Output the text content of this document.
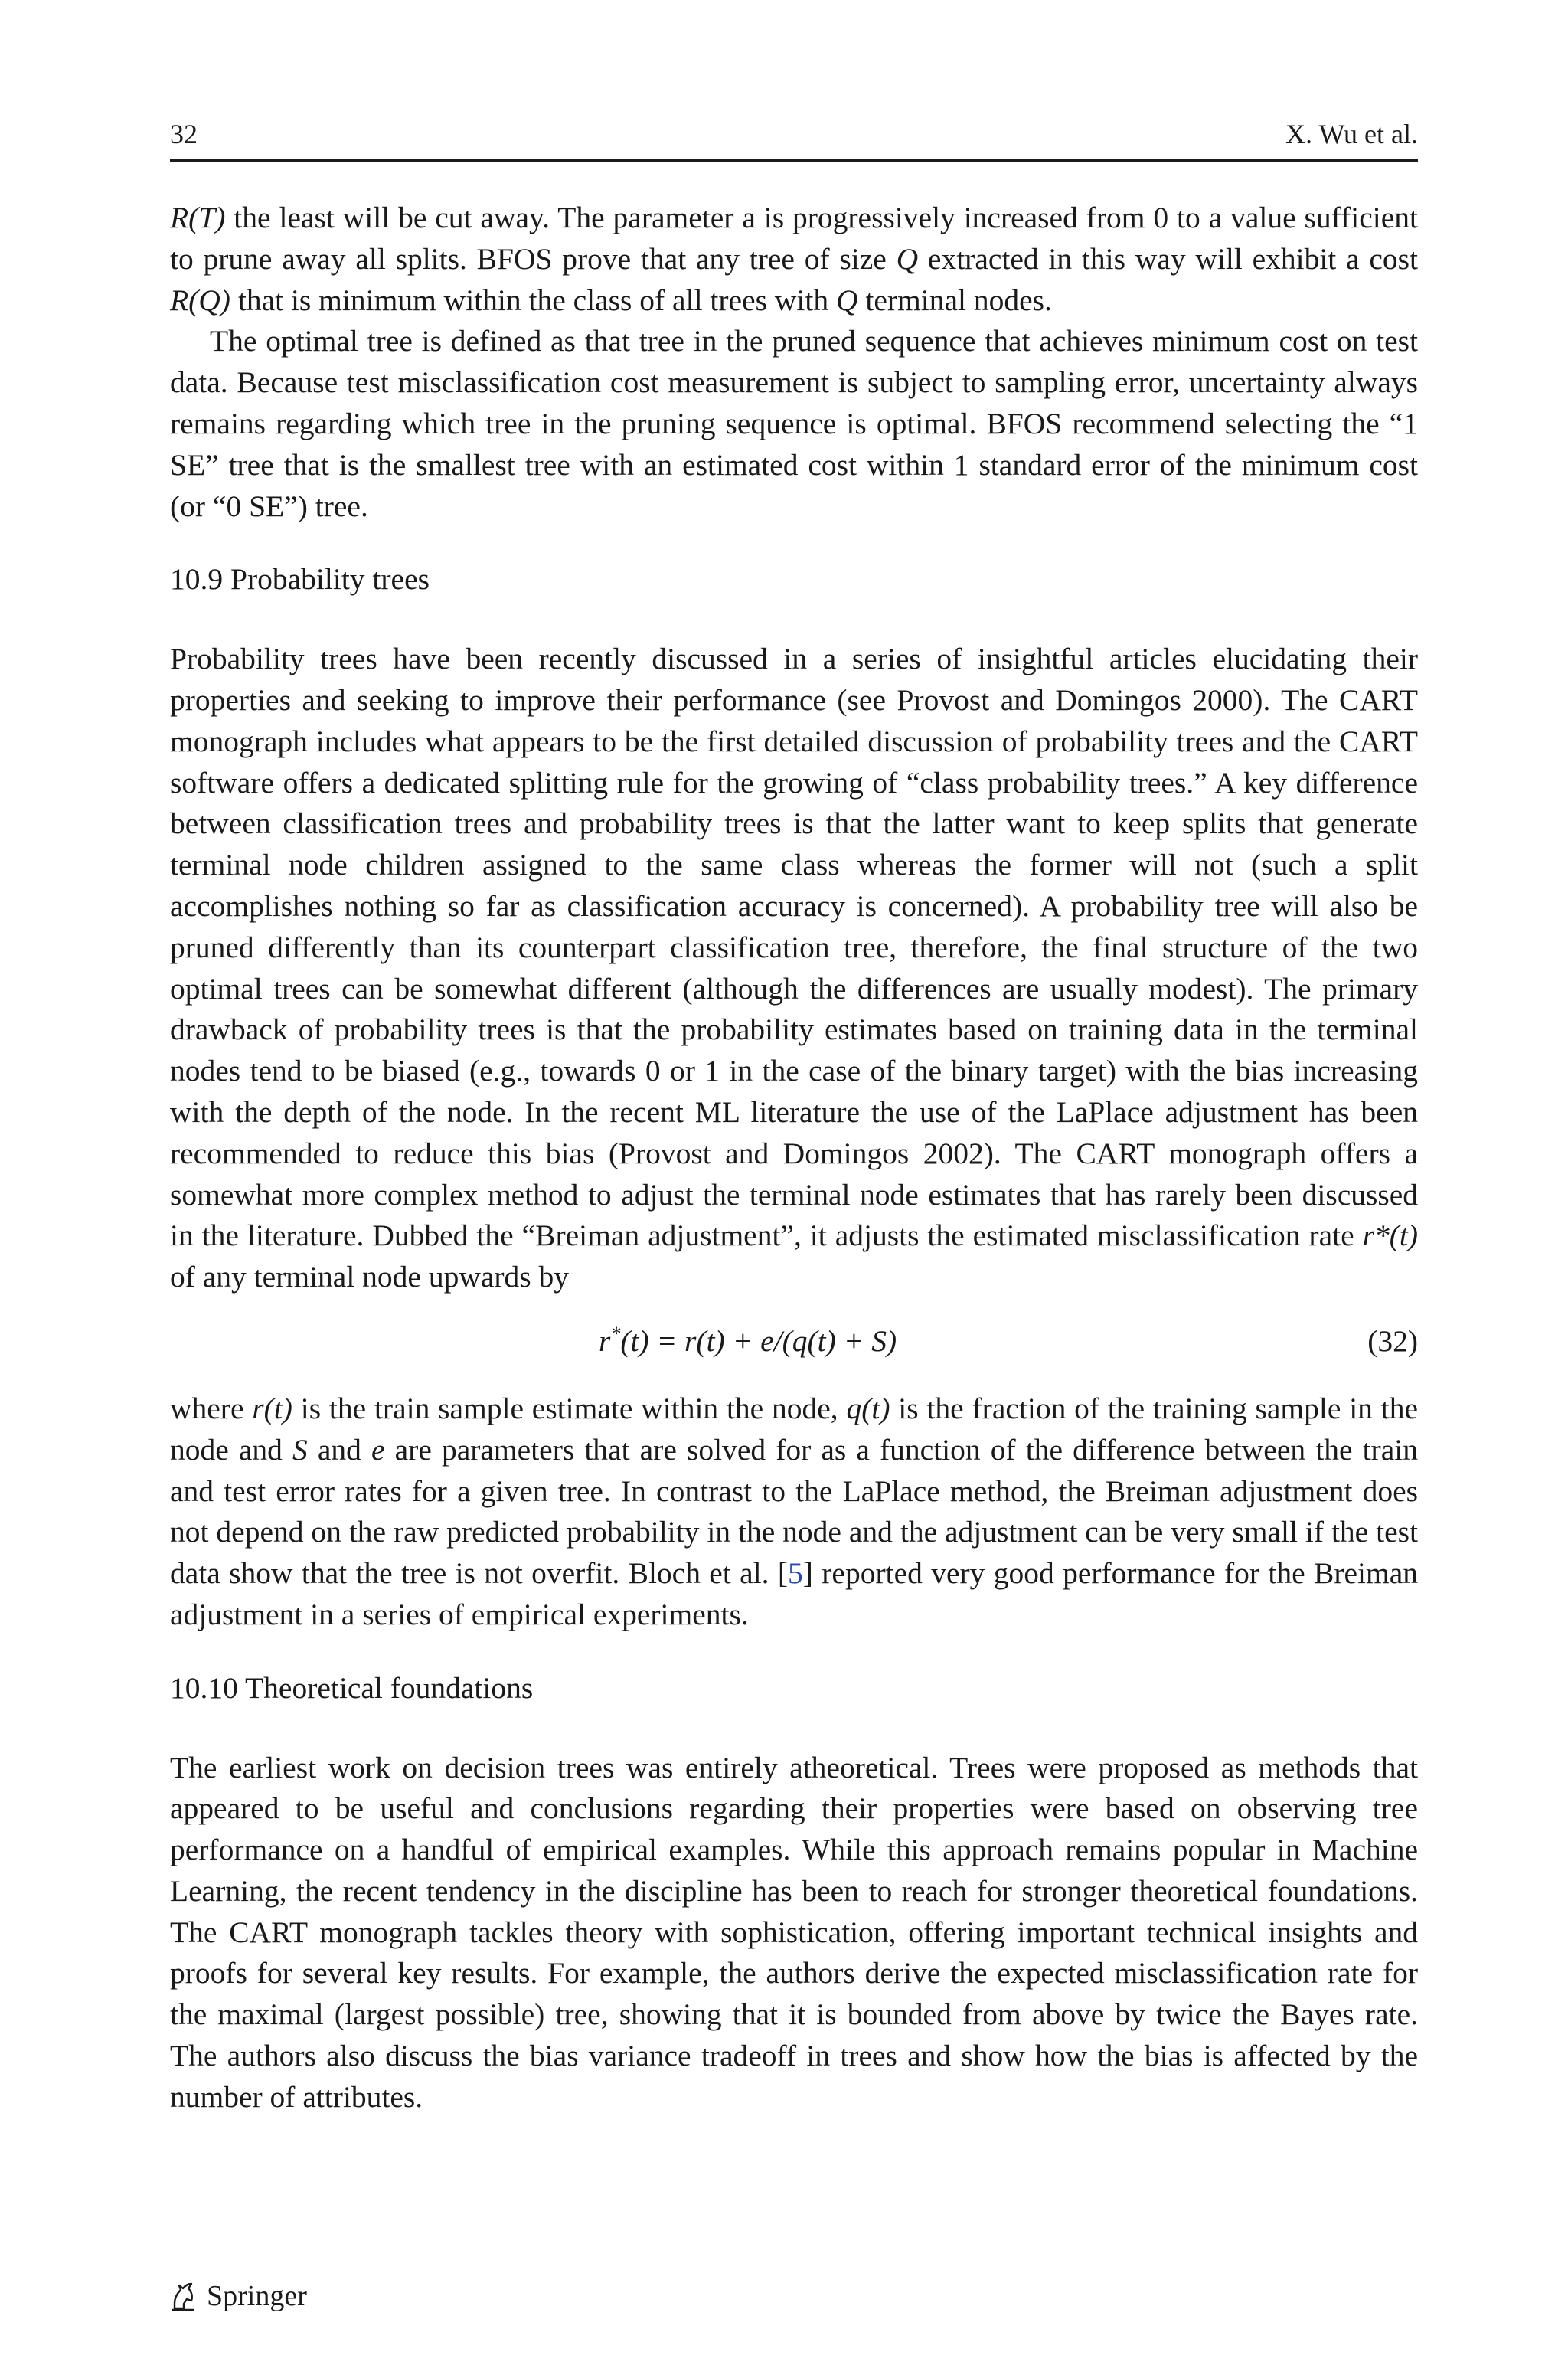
32	X. Wu et al.

R(T) the least will be cut away. The parameter a is progressively increased from 0 to a value sufficient to prune away all splits. BFOS prove that any tree of size Q extracted in this way will exhibit a cost R(Q) that is minimum within the class of all trees with Q terminal nodes.

The optimal tree is defined as that tree in the pruned sequence that achieves minimum cost on test data. Because test misclassification cost measurement is subject to sampling error, uncertainty always remains regarding which tree in the pruning sequence is optimal. BFOS recommend selecting the “1 SE” tree that is the smallest tree with an estimated cost within 1 standard error of the minimum cost (or “0 SE”) tree.

10.9 Probability trees

Probability trees have been recently discussed in a series of insightful articles elucidating their properties and seeking to improve their performance (see Provost and Domingos 2000). The CART monograph includes what appears to be the first detailed discussion of probability trees and the CART software offers a dedicated splitting rule for the growing of “class probability trees.” A key difference between classification trees and probability trees is that the latter want to keep splits that generate terminal node children assigned to the same class whereas the former will not (such a split accomplishes nothing so far as classification accuracy is concerned). A probability tree will also be pruned differently than its counterpart classification tree, therefore, the final structure of the two optimal trees can be somewhat different (although the differences are usually modest). The primary drawback of probability trees is that the probability estimates based on training data in the terminal nodes tend to be biased (e.g., towards 0 or 1 in the case of the binary target) with the bias increasing with the depth of the node. In the recent ML literature the use of the LaPlace adjustment has been recommended to reduce this bias (Provost and Domingos 2002). The CART monograph offers a somewhat more complex method to adjust the terminal node estimates that has rarely been discussed in the literature. Dubbed the “Breiman adjustment”, it adjusts the estimated misclassification rate r*(t) of any terminal node upwards by

r*(t) = r(t) + e/(q(t) + S)	(32)

where r(t) is the train sample estimate within the node, q(t) is the fraction of the training sample in the node and S and e are parameters that are solved for as a function of the difference between the train and test error rates for a given tree. In contrast to the LaPlace method, the Breiman adjustment does not depend on the raw predicted probability in the node and the adjustment can be very small if the test data show that the tree is not overfit. Bloch et al. [5] reported very good performance for the Breiman adjustment in a series of empirical experiments.

10.10 Theoretical foundations

The earliest work on decision trees was entirely atheoretical. Trees were proposed as methods that appeared to be useful and conclusions regarding their properties were based on observing tree performance on a handful of empirical examples. While this approach remains popular in Machine Learning, the recent tendency in the discipline has been to reach for stronger theoretical foundations. The CART monograph tackles theory with sophistication, offering important technical insights and proofs for several key results. For example, the authors derive the expected misclassification rate for the maximal (largest possible) tree, showing that it is bounded from above by twice the Bayes rate. The authors also discuss the bias variance tradeoff in trees and show how the bias is affected by the number of attributes.

Springer
